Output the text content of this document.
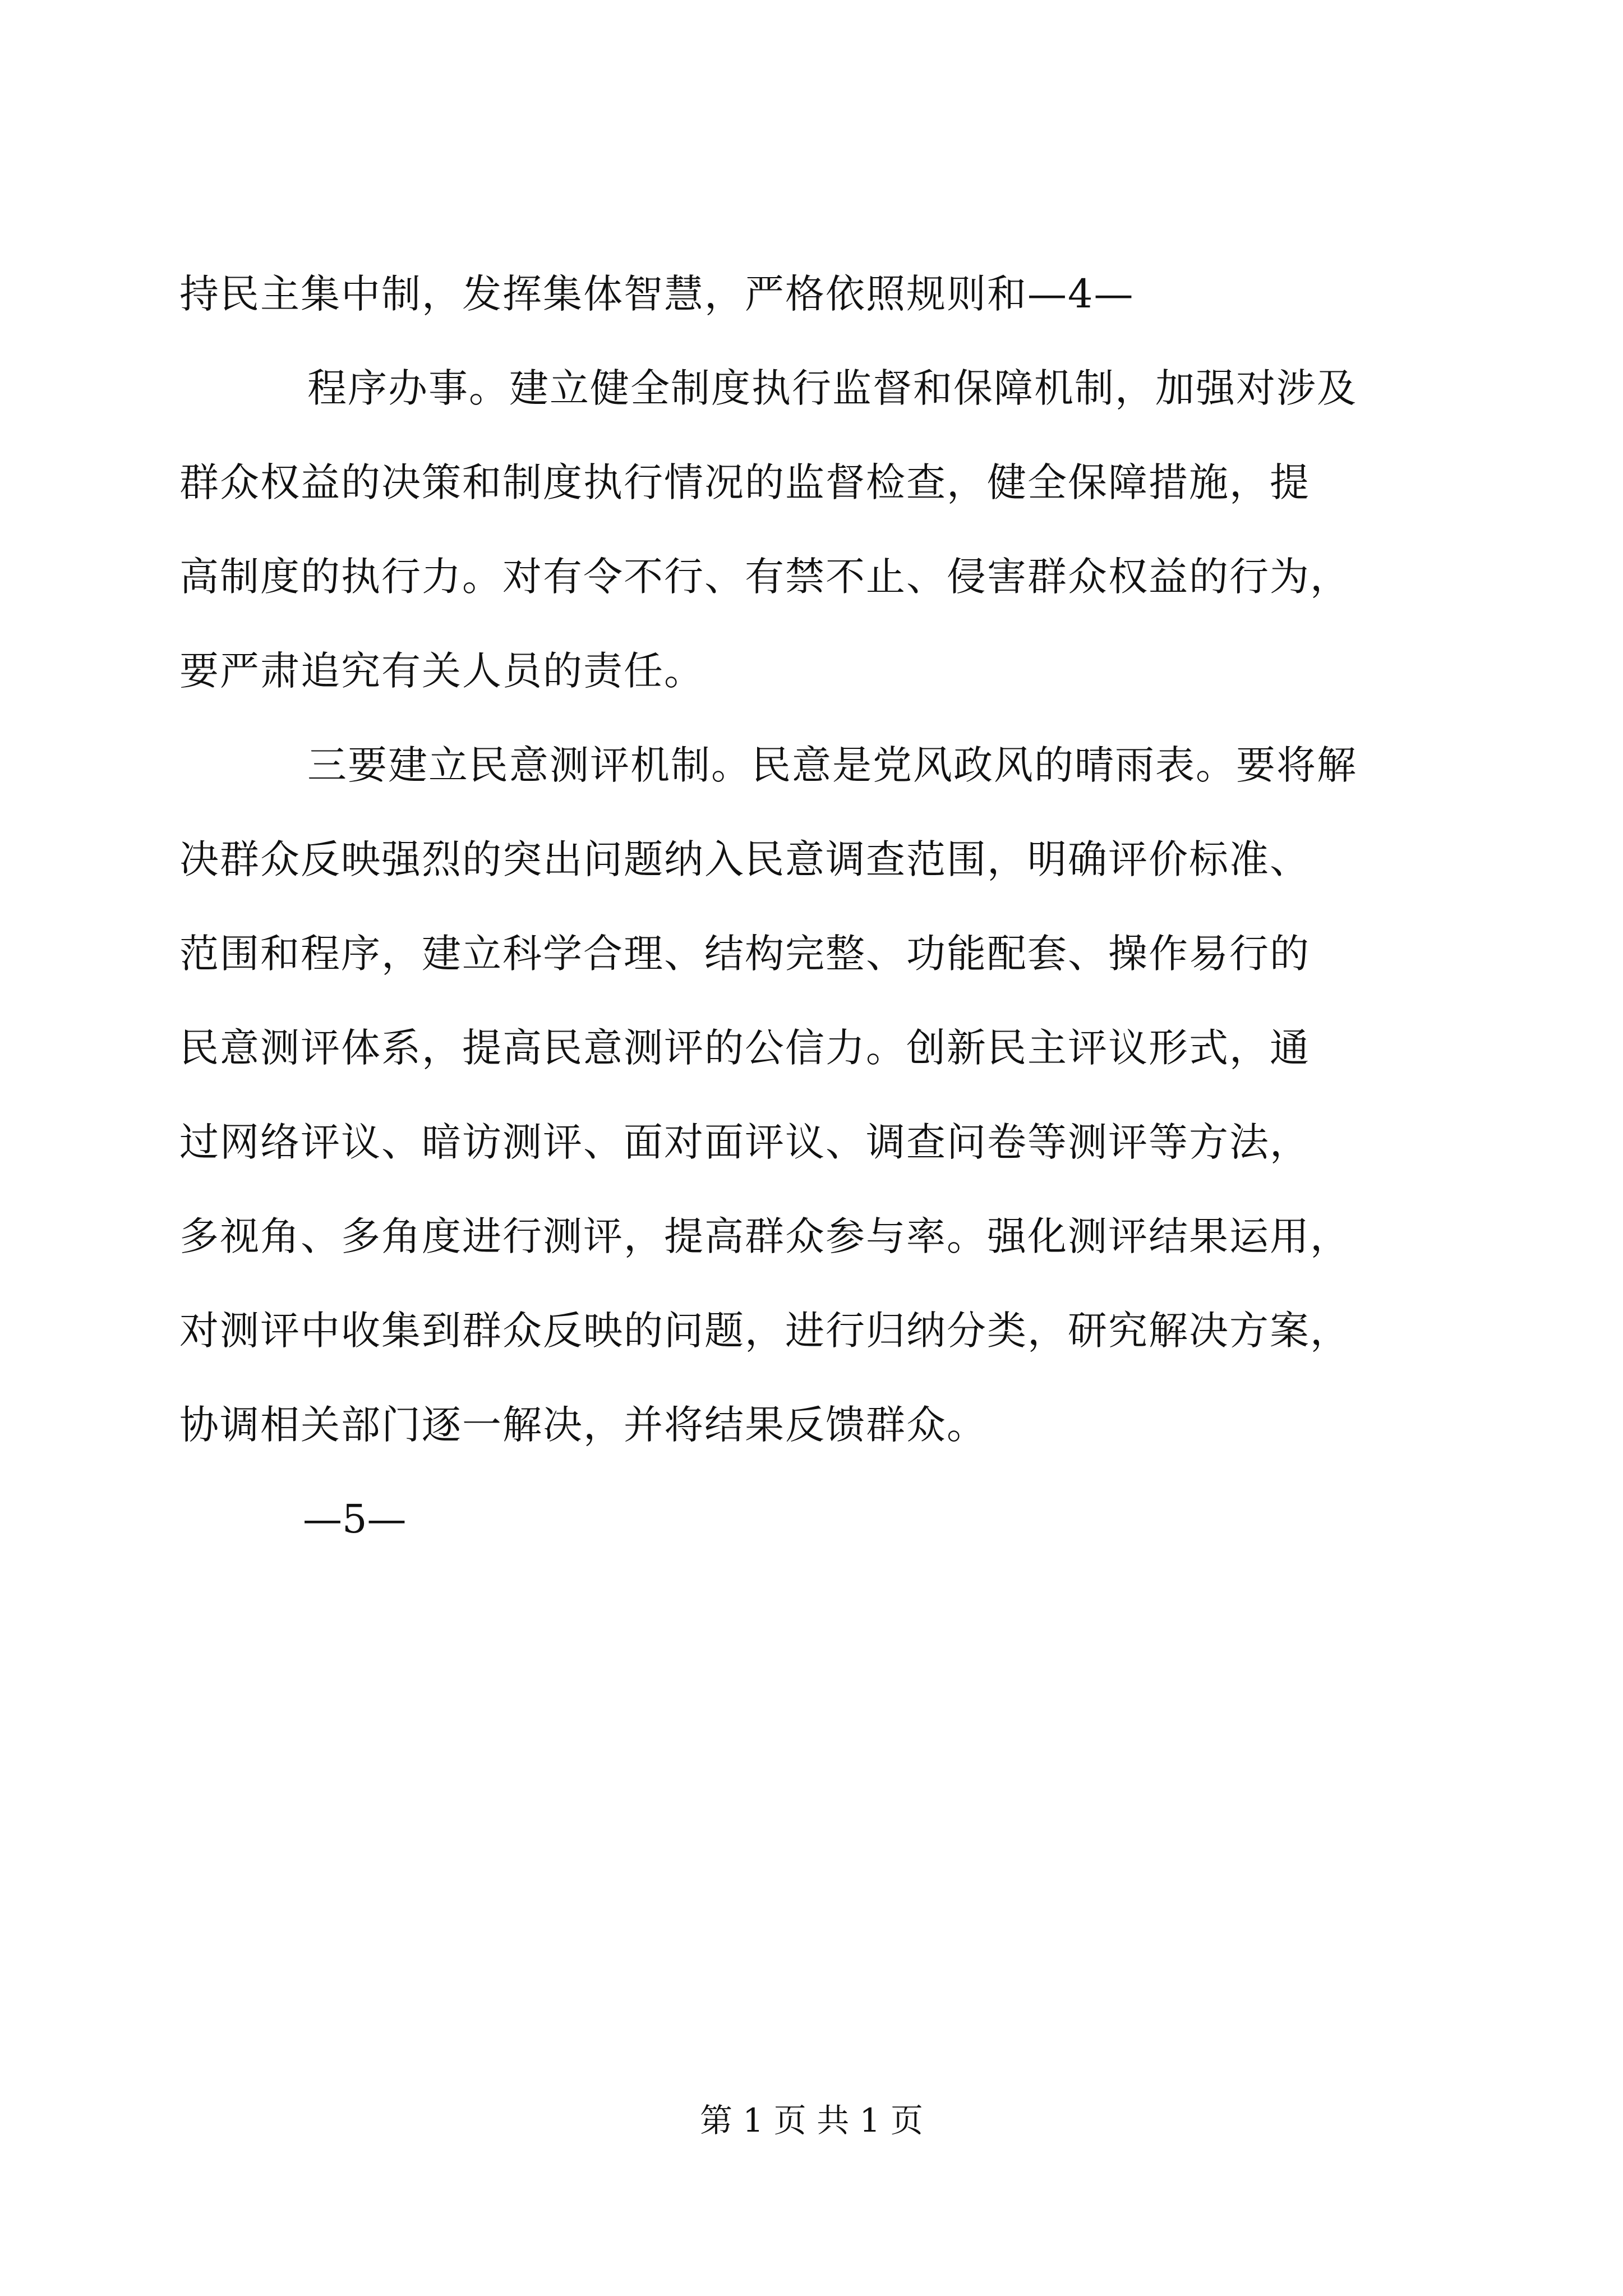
持民主集中制，发挥集体智慧，严格依照规则和—4—
程序办事。建立健全制度执行监督和保障机制，加强对涉及
群众权益的决策和制度执行情况的监督检查，健全保障措施，提
高制度的执行力。对有令不行、有禁不止、侵害群众权益的行为，
要严肃追究有关人员的责任。
三要建立民意测评机制。民意是党风政风的晴雨表。要将解
决群众反映强烈的突出问题纳入民意调查范围，明确评价标准、
范围和程序，建立科学合理、结构完整、功能配套、操作易行的
民意测评体系，提高民意测评的公信力。创新民主评议形式，通
过网络评议、暗访测评、面对面评议、调查问卷等测评等方法，
多视角、多角度进行测评，提高群众参与率。强化测评结果运用，
对测评中收集到群众反映的问题，进行归纳分类，研究解决方案，
协调相关部门逐一解决，并将结果反馈群众。
—5—
第 1 页 共 1 页
